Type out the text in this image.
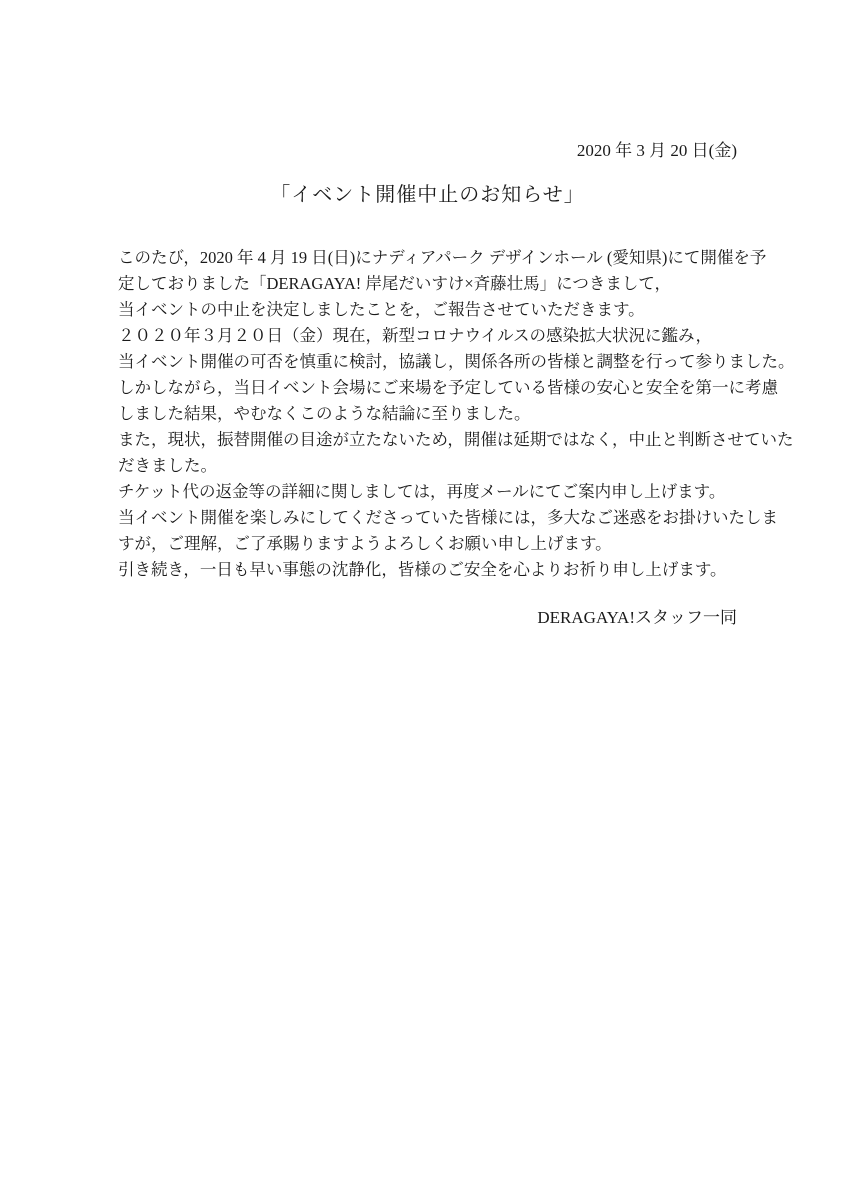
2020 年 3 月 20 日(金)
「イベント開催中止のお知らせ」
このたび，2020 年 4 月 19 日(日)にナディアパーク デザインホール (愛知県)にて開催を予
定しておりました「DERAGAYA! 岸尾だいすけ×斉藤壮馬」につきまして，
当イベントの中止を決定しましたことを，ご報告させていただきます。
２０２０年３月２０日（金）現在，新型コロナウイルスの感染拡大状況に鑑み，
当イベント開催の可否を慎重に検討，協議し，関係各所の皆様と調整を行って参りました。
しかしながら，当日イベント会場にご来場を予定している皆様の安心と安全を第一に考慮
しました結果，やむなくこのような結論に至りました。
また，現状，振替開催の目途が立たないため，開催は延期ではなく，中止と判断させていた
だきました。
チケット代の返金等の詳細に関しましては，再度メールにてご案内申し上げます。
当イベント開催を楽しみにしてくださっていた皆様には，多大なご迷惑をお掛けいたしま
すが，ご理解，ご了承賜りますようよろしくお願い申し上げます。
引き続き，一日も早い事態の沈静化，皆様のご安全を心よりお祈り申し上げます。
DERAGAYA!スタッフ一同
